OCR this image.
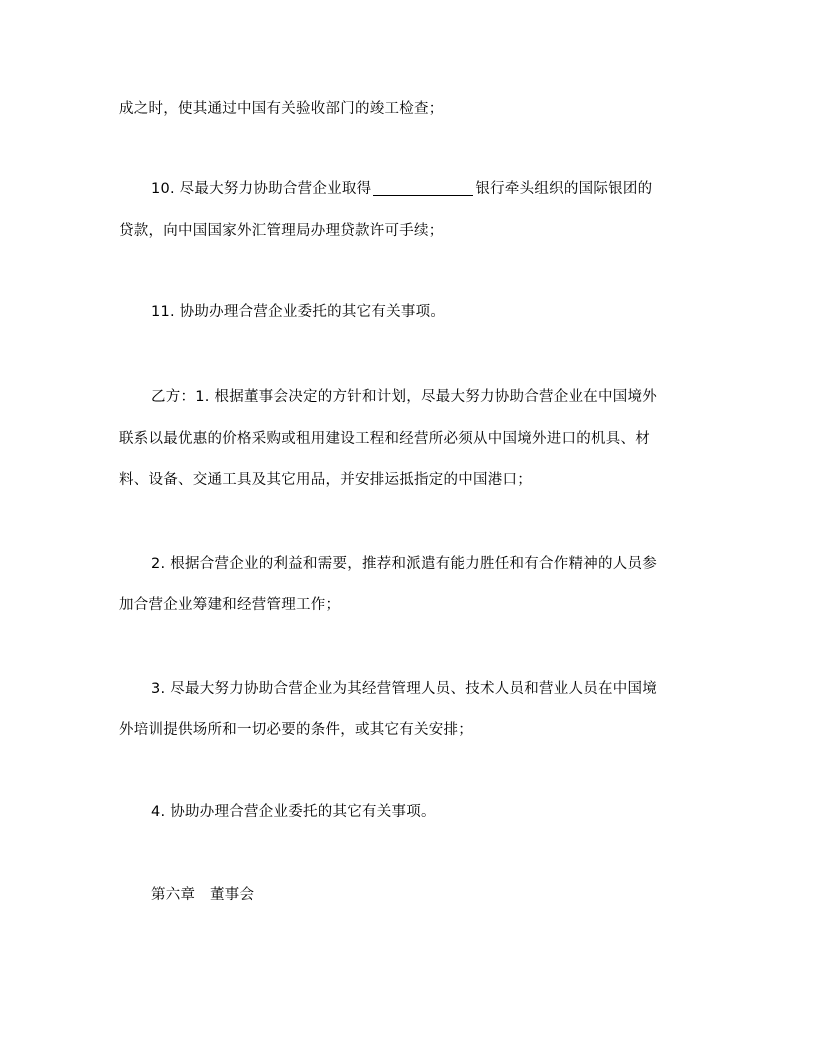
成之时，使其通过中国有关验收部门的竣工检查；
10. 尽最大努力协助合营企业取得	银行牵头组织的国际银团的
贷款，向中国国家外汇管理局办理贷款许可手续；
11. 协助办理合营企业委托的其它有关事项。
乙方：1. 根据董事会决定的方针和计划，尽最大努力协助合营企业在中国境外
联系以最优惠的价格采购或租用建设工程和经营所必须从中国境外进口的机具、材
料、设备、交通工具及其它用品，并安排运抵指定的中国港口；
2. 根据合营企业的利益和需要，推荐和派遣有能力胜任和有合作精神的人员参
加合营企业筹建和经营管理工作；
3. 尽最大努力协助合营企业为其经营管理人员、技术人员和营业人员在中国境
外培训提供场所和一切必要的条件，或其它有关安排；
4. 协助办理合营企业委托的其它有关事项。
第六章　董事会
